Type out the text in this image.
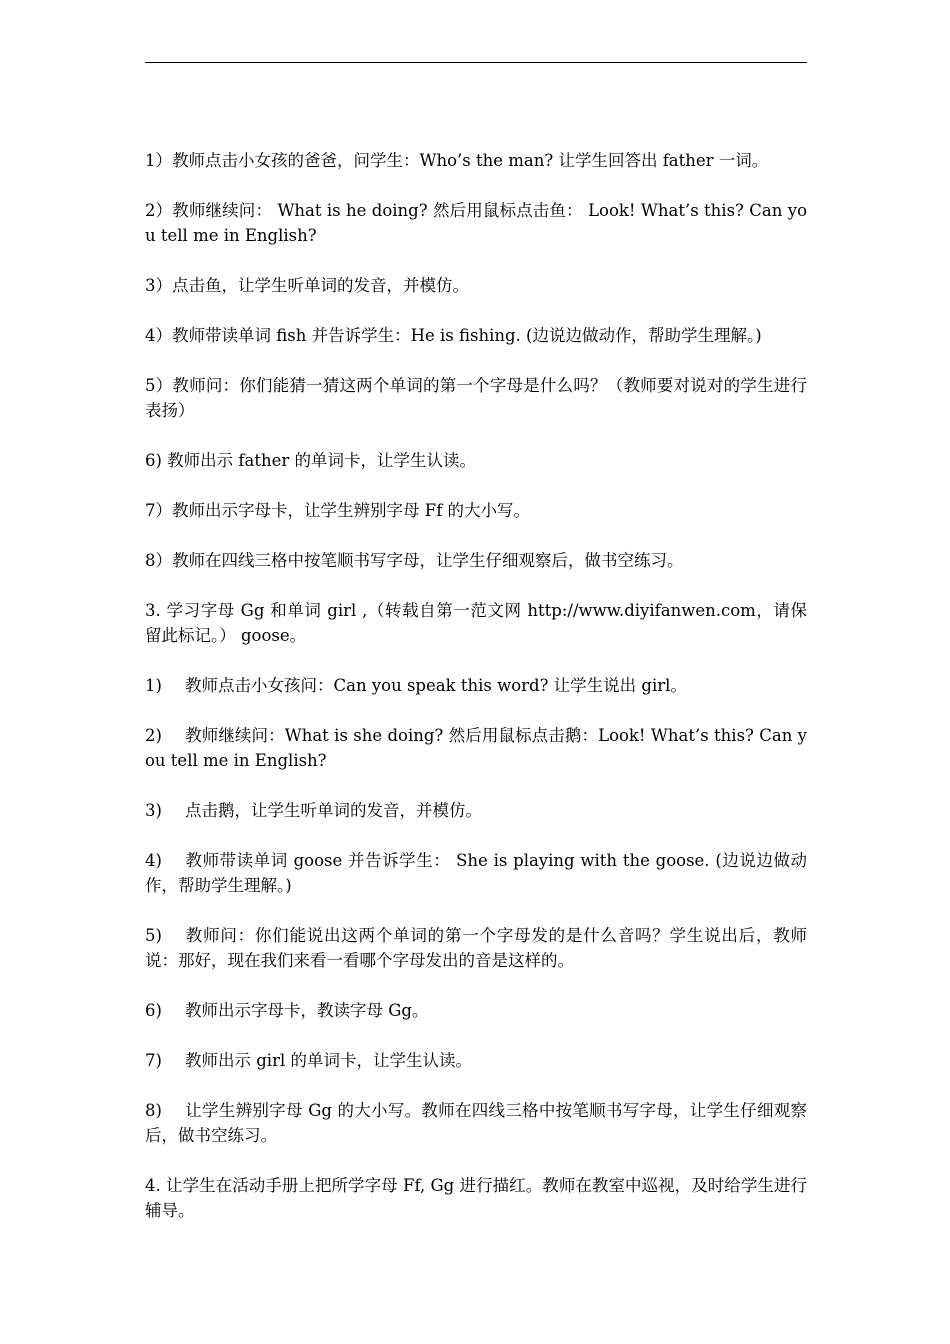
1）教师点击小女孩的爸爸，问学生：Who’s the man? 让学生回答出 father 一词。

2）教师继续问： What is he doing? 然后用鼠标点击鱼： Look! What’s this? Can you tell me in English?

3）点击鱼，让学生听单词的发音，并模仿。

4）教师带读单词 fish 并告诉学生：He is fishing. (边说边做动作，帮助学生理解。)

5）教师问：你们能猜一猜这两个单词的第一个字母是什么吗？（教师要对说对的学生进行表扬）

6) 教师出示 father 的单词卡，让学生认读。

7）教师出示字母卡，让学生辨别字母 Ff 的大小写。

8）教师在四线三格中按笔顺书写字母，让学生仔细观察后，做书空练习。

3. 学习字母 Gg 和单词 girl ,（转载自第一范文网 http://www.diyifanwen.com，请保留此标记。） goose。

1) 教师点击小女孩问：Can you speak this word? 让学生说出 girl。

2) 教师继续问：What is she doing? 然后用鼠标点击鹅：Look! What’s this? Can you tell me in English?

3) 点击鹅，让学生听单词的发音，并模仿。

4) 教师带读单词 goose 并告诉学生： She is playing with the goose. (边说边做动作，帮助学生理解。)

5) 教师问：你们能说出这两个单词的第一个字母发的是什么音吗？学生说出后，教师说：那好，现在我们来看一看哪个字母发出的音是这样的。

6) 教师出示字母卡，教读字母 Gg。

7) 教师出示 girl 的单词卡，让学生认读。

8) 让学生辨别字母 Gg 的大小写。教师在四线三格中按笔顺书写字母，让学生仔细观察后，做书空练习。

4. 让学生在活动手册上把所学字母 Ff, Gg 进行描红。教师在教室中巡视，及时给学生进行辅导。
